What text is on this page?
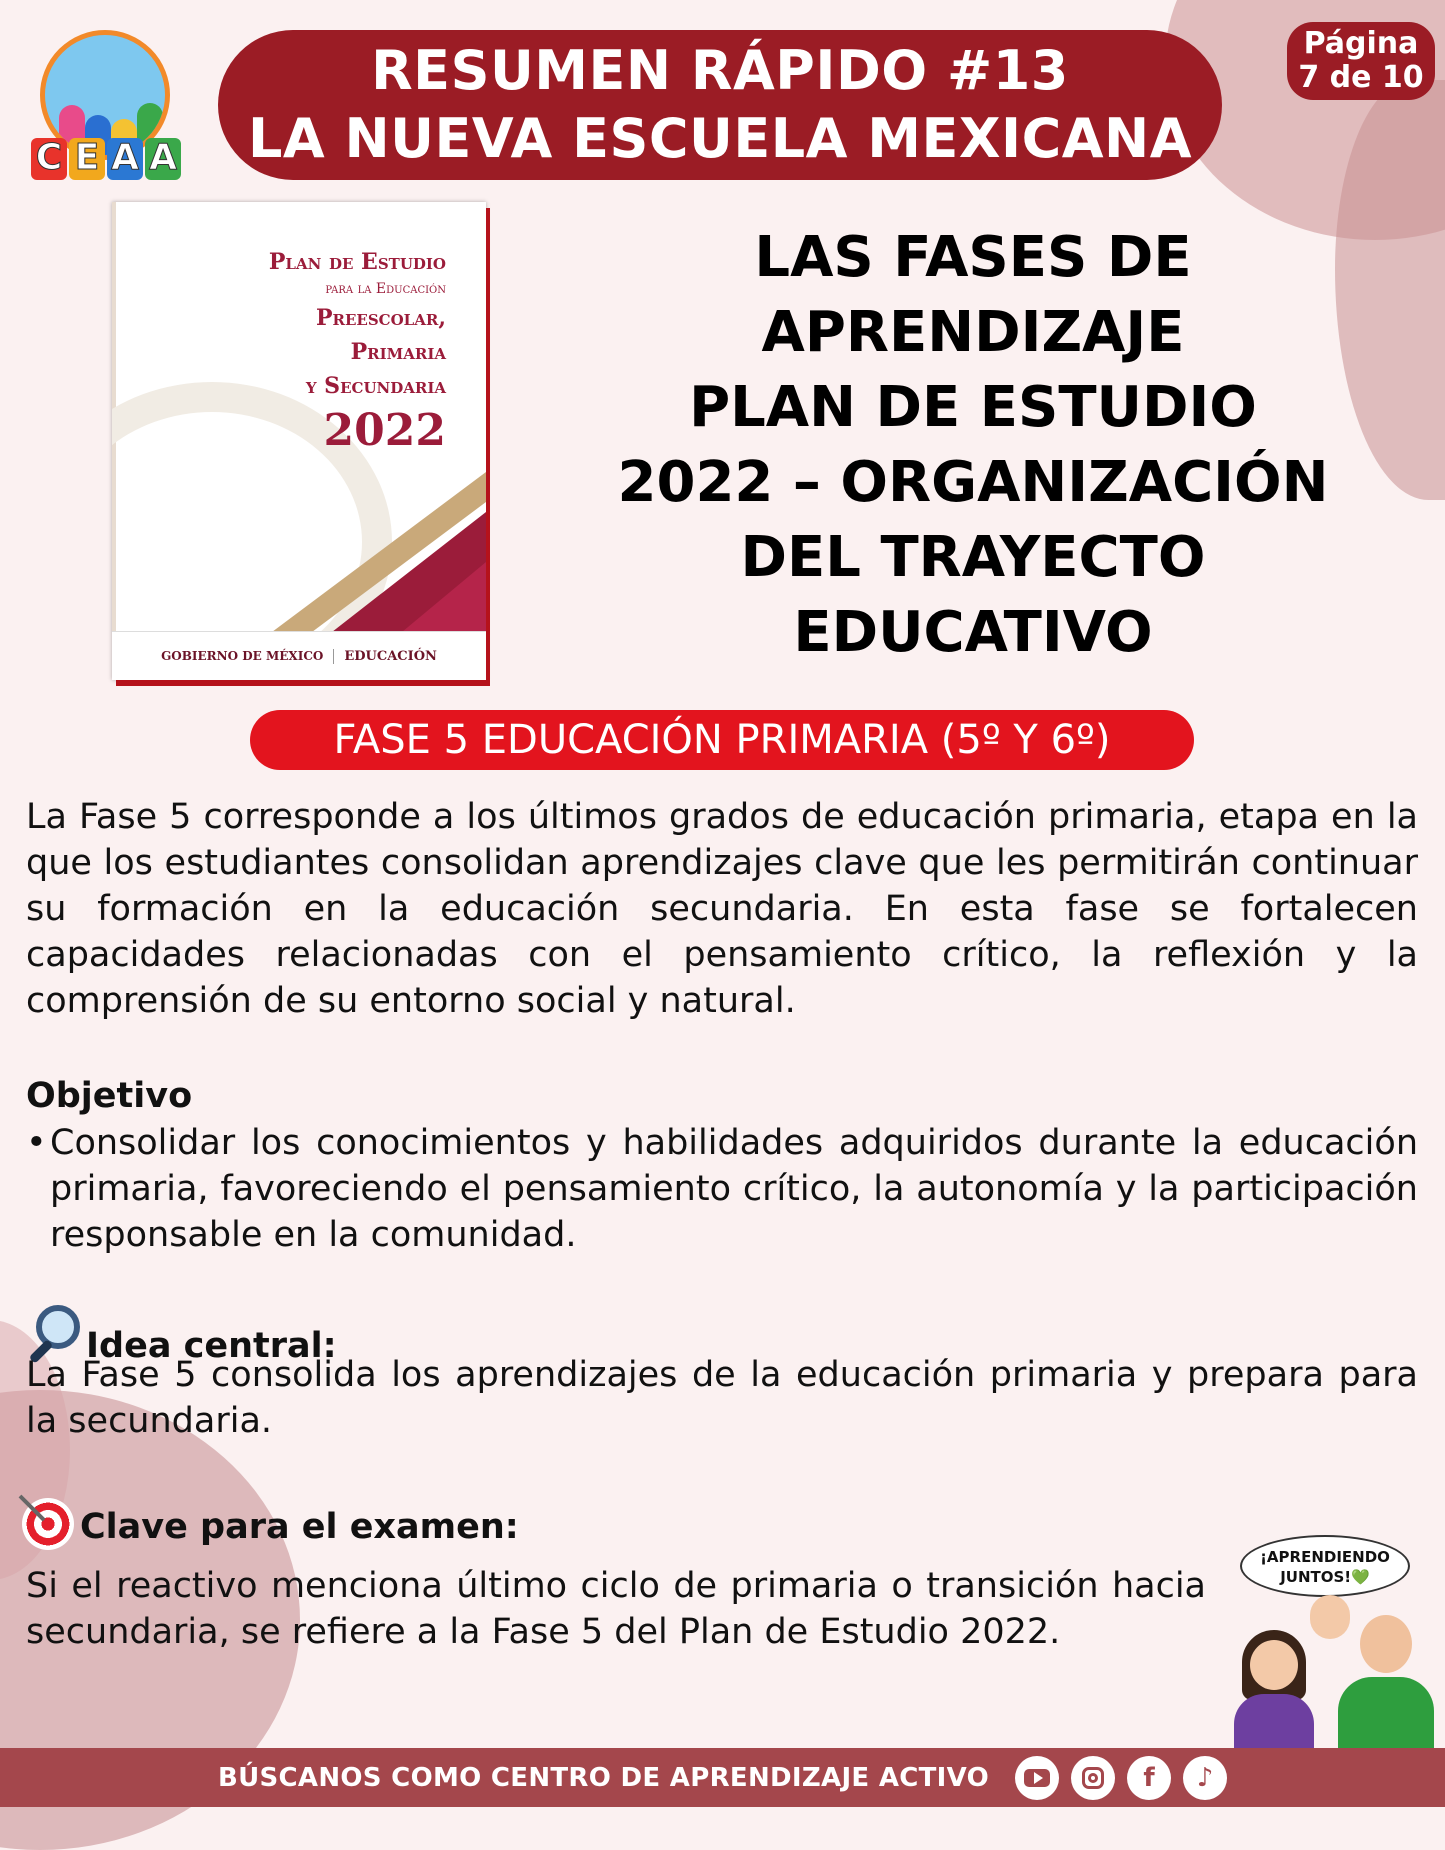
C E A A
RESUMEN RÁPIDO #13
LA NUEVA ESCUELA MEXICANA
Página
7 de 10
Plan de Estudio
para la Educación
Preescolar,
Primaria
y Secundaria
2022
GOBIERNO DE MÉXICO	EDUCACIÓN
LAS FASES DE
APRENDIZAJE
PLAN DE ESTUDIO
2022 – ORGANIZACIÓN
DEL TRAYECTO
EDUCATIVO
FASE 5 EDUCACIÓN PRIMARIA (5º Y 6º)
La Fase 5 corresponde a los últimos grados de educación primaria, etapa en la que los estudiantes consolidan aprendizajes clave que les permitirán continuar su formación en la educación secundaria. En esta fase se fortalecen capacidades relacionadas con el pensamiento crítico, la reflexión y la comprensión de su entorno social y natural.
Objetivo
• Consolidar los conocimientos y habilidades adquiridos durante la educación primaria, favoreciendo el pensamiento crítico, la autonomía y la participación responsable en la comunidad.
Idea central:
La Fase 5 consolida los aprendizajes de la educación primaria y prepara para la secundaria.
Clave para el examen:
Si el reactivo menciona último ciclo de primaria o transición hacia secundaria, se refiere a la Fase 5 del Plan de Estudio 2022.
¡APRENDIENDO JUNTOS!💚
BÚSCANOS COMO CENTRO DE APRENDIZAJE ACTIVO	f	♪
